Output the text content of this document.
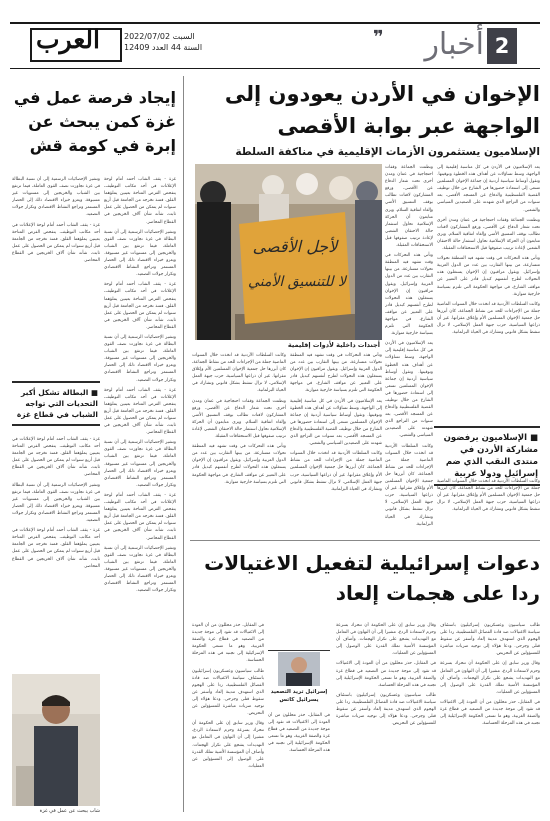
العرب	السبت 2022/07/02
السنة 44 العدد 12409	❞	أخبار 2
الإخوان في الأردن يعودون إلى الواجهة عبر بوابة الأقصى
الإسلاميون يستثمرون الأزمات الإقليمية في مناكفة السلطة
لأجل الأقصى
لا للتنسيق الأمني
أجندات داخلية لأدوات إقليمية

يعد الإسلاميون في الأردن في كل مناسبة إقليمية إلى الواجهة، وسط تساؤلات عن أهداف هذه الخطوة وتوقيتها. وتقول أوساط سياسية أردنية إن جماعة الإخوان المسلمين تسعى إلى استعادة حضورها في الشارع من خلال توظيف القضية الفلسطينية والدفاع عن المسجد الأقصى، بعد سنوات من التراجع الذي شهدته على الصعيدين السياسي والشعبي.

ونظمت الجماعة وقفات احتجاجية في عمان ومدن أخرى تحت شعار الدفاع عن الأقصى، ورفع المشاركون لافتات تطالب بوقف التنسيق الأمني وإلغاء اتفاقية السلام. ويرى متابعون أن الحركة الإسلامية تحاول استثمار حالة الاحتقان الشعبي لإعادة ترتيب صفوفها قبل الاستحقاقات المقبلة.

وتأتي هذه التحركات في وقت تشهد فيه المنطقة تحولات متسارعة، من بينها التقارب بين عدد من الدول العربية وإسرائيل. ويقول مراقبون إن الإخوان يستغلون هذه التحولات لطرح أنفسهم كبديل قادر على التعبير عن مواقف الشارع، في مواجهة الحكومة التي تلتزم بسياسة خارجية متوازنة.

وكانت السلطات الأردنية قد اتخذت خلال السنوات الماضية جملة من الإجراءات للحد من نشاط الجماعة، كان أبرزها حل جمعية الإخوان المسلمين الأم وإغلاق مقراتها. غير أن ذراعها السياسية، حزب جبهة العمل الإسلامي، لا تزال تنشط بشكل قانوني وتشارك في الحياة البرلمانية.

■ الإسلاميون يرفضون مشاركة الأردن في منتدى النقب الذي ضم إسرائيل ودولا عربية

وكانت السلطات الأردنية قد اتخذت خلال السنوات الماضية جملة من الإجراءات للحد من نشاط الجماعة، كان أبرزها حل جمعية الإخوان المسلمين الأم وإغلاق مقراتها. غير أن ذراعها السياسية، حزب جبهة العمل الإسلامي، لا تزال تنشط بشكل قانوني وتشارك في الحياة البرلمانية.

ونظمت الجماعة وقفات احتجاجية في عمان ومدن أخرى تحت شعار الدفاع عن الأقصى، ورفع المشاركون لافتات تطالب بوقف التنسيق الأمني وإلغاء اتفاقية السلام. ويرى متابعون أن الحركة الإسلامية تحاول استثمار حالة الاحتقان الشعبي لإعادة ترتيب صفوفها قبل الاستحقاقات المقبلة.

وتأتي هذه التحركات في وقت تشهد فيه المنطقة تحولات متسارعة، من بينها التقارب بين عدد من الدول العربية وإسرائيل. ويقول مراقبون إن الإخوان يستغلون هذه التحولات لطرح أنفسهم كبديل قادر على التعبير عن مواقف الشارع، في مواجهة الحكومة التي تلتزم بسياسة خارجية متوازنة.

يعد الإسلاميون في الأردن في كل مناسبة إقليمية إلى الواجهة، وسط تساؤلات عن أهداف هذه الخطوة وتوقيتها. وتقول أوساط سياسية أردنية إن جماعة الإخوان المسلمين تسعى إلى استعادة حضورها في الشارع من خلال توظيف القضية الفلسطينية والدفاع عن المسجد الأقصى، بعد سنوات من التراجع الذي شهدته على الصعيدين السياسي والشعبي.

وكانت السلطات الأردنية قد اتخذت خلال السنوات الماضية جملة من الإجراءات للحد من نشاط الجماعة، كان أبرزها حل جمعية الإخوان المسلمين الأم وإغلاق مقراتها. غير أن ذراعها السياسية، حزب جبهة العمل الإسلامي، لا تزال تنشط بشكل قانوني وتشارك في الحياة البرلمانية.

وتأتي هذه التحركات في وقت تشهد فيه المنطقة تحولات متسارعة، من بينها التقارب بين عدد من الدول العربية وإسرائيل. ويقول مراقبون إن الإخوان يستغلون هذه التحولات لطرح أنفسهم كبديل قادر على التعبير عن مواقف الشارع، في مواجهة الحكومة التي تلتزم بسياسة خارجية متوازنة.

يعد الإسلاميون في الأردن في كل مناسبة إقليمية إلى الواجهة، وسط تساؤلات عن أهداف هذه الخطوة وتوقيتها. وتقول أوساط سياسية أردنية إن جماعة الإخوان المسلمين تسعى إلى استعادة حضورها في الشارع من خلال توظيف القضية الفلسطينية والدفاع عن المسجد الأقصى، بعد سنوات من التراجع الذي شهدته على الصعيدين السياسي والشعبي.

وكانت السلطات الأردنية قد اتخذت خلال السنوات الماضية جملة من الإجراءات للحد من نشاط الجماعة، كان أبرزها حل جمعية الإخوان المسلمين الأم وإغلاق مقراتها. غير أن ذراعها السياسية، حزب جبهة العمل الإسلامي، لا تزال تنشط بشكل قانوني وتشارك في الحياة البرلمانية.

وكانت السلطات الأردنية قد اتخذت خلال السنوات الماضية جملة من الإجراءات للحد من نشاط الجماعة، كان أبرزها حل جمعية الإخوان المسلمين الأم وإغلاق مقراتها. غير أن ذراعها السياسية، حزب جبهة العمل الإسلامي، لا تزال تنشط بشكل قانوني وتشارك في الحياة البرلمانية.

ونظمت الجماعة وقفات احتجاجية في عمان ومدن أخرى تحت شعار الدفاع عن الأقصى، ورفع المشاركون لافتات تطالب بوقف التنسيق الأمني وإلغاء اتفاقية السلام. ويرى متابعون أن الحركة الإسلامية تحاول استثمار حالة الاحتقان الشعبي لإعادة ترتيب صفوفها قبل الاستحقاقات المقبلة.

وتأتي هذه التحركات في وقت تشهد فيه المنطقة تحولات متسارعة، من بينها التقارب بين عدد من الدول العربية وإسرائيل. ويقول مراقبون إن الإخوان يستغلون هذه التحولات لطرح أنفسهم كبديل قادر على التعبير عن مواقف الشارع، في مواجهة الحكومة التي تلتزم بسياسة خارجية متوازنة.

دعوات إسرائيلية لتفعيل الاغتيالات ردا على هجمات إلعاد

طالب سياسيون وعسكريون إسرائيليون باستئناف سياسة الاغتيالات ضد قادة الفصائل الفلسطينية، ردا على الهجوم الذي استهدف مدينة إلعاد وأسفر عن سقوط قتلى وجرحى. ودعا هؤلاء إلى توجيه ضربات مباشرة للمسؤولين عن التحريض.

وقال وزير سابق إن على الحكومة أن تتحرك بسرعة وحزم لاستعادة الردع، مشيرا إلى أن التهاون في التعامل مع التهديدات يشجع على تكرار الهجمات. وأضاف أن المؤسسة الأمنية تملك القدرة على الوصول إلى المسؤولين عن العمليات.

في المقابل، حذر محللون من أن العودة إلى الاغتيالات قد تقود إلى موجة جديدة من التصعيد في قطاع غزة والضفة الغربية، وهو ما تسعى الحكومة الإسرائيلية إلى تجنبه في هذه المرحلة الحساسة.

وقال وزير سابق إن على الحكومة أن تتحرك بسرعة وحزم لاستعادة الردع، مشيرا إلى أن التهاون في التعامل مع التهديدات يشجع على تكرار الهجمات. وأضاف أن المؤسسة الأمنية تملك القدرة على الوصول إلى المسؤولين عن العمليات.

في المقابل، حذر محللون من أن العودة إلى الاغتيالات قد تقود إلى موجة جديدة من التصعيد في قطاع غزة والضفة الغربية، وهو ما تسعى الحكومة الإسرائيلية إلى تجنبه في هذه المرحلة الحساسة.

طالب سياسيون وعسكريون إسرائيليون باستئناف سياسة الاغتيالات ضد قادة الفصائل الفلسطينية، ردا على الهجوم الذي استهدف مدينة إلعاد وأسفر عن سقوط قتلى وجرحى. ودعا هؤلاء إلى توجيه ضربات مباشرة للمسؤولين عن التحريض.

إسرائيل تريد التصعيد
يسرائيل كاتس

في المقابل، حذر محللون من أن العودة إلى الاغتيالات قد تقود إلى موجة جديدة من التصعيد في قطاع غزة والضفة الغربية، وهو ما تسعى الحكومة الإسرائيلية إلى تجنبه في هذه المرحلة الحساسة.

في المقابل، حذر محللون من أن العودة إلى الاغتيالات قد تقود إلى موجة جديدة من التصعيد في قطاع غزة والضفة الغربية، وهو ما تسعى الحكومة الإسرائيلية إلى تجنبه في هذه المرحلة الحساسة.

طالب سياسيون وعسكريون إسرائيليون باستئناف سياسة الاغتيالات ضد قادة الفصائل الفلسطينية، ردا على الهجوم الذي استهدف مدينة إلعاد وأسفر عن سقوط قتلى وجرحى. ودعا هؤلاء إلى توجيه ضربات مباشرة للمسؤولين عن التحريض.

وقال وزير سابق إن على الحكومة أن تتحرك بسرعة وحزم لاستعادة الردع، مشيرا إلى أن التهاون في التعامل مع التهديدات يشجع على تكرار الهجمات. وأضاف أن المؤسسة الأمنية تملك القدرة على الوصول إلى المسؤولين عن العمليات.

إيجاد فرصة عمل في غزة كمن يبحث عن إبرة في كومة قش

غزة - يقف الشاب أحمد أمام لوحة الإعلانات في أحد مكاتب التوظيف، يتفحص الفرص المتاحة بعينين يملؤهما القلق. فمنذ تخرجه من الجامعة قبل أربع سنوات لم يتمكن من الحصول على عمل ثابت، شأنه شأن آلاف الخريجين في القطاع المحاصر.

وتشير الإحصائيات الرسمية إلى أن نسبة البطالة في غزة تجاوزت نصف القوى العاملة، فيما ترتفع بين الشباب والخريجين إلى مستويات غير مسبوقة. ويعزو خبراء الاقتصاد ذلك إلى الحصار المستمر وتراجع النشاط الاقتصادي وتكرار جولات التصعيد.

غزة - يقف الشاب أحمد أمام لوحة الإعلانات في أحد مكاتب التوظيف، يتفحص الفرص المتاحة بعينين يملؤهما القلق. فمنذ تخرجه من الجامعة قبل أربع سنوات لم يتمكن من الحصول على عمل ثابت، شأنه شأن آلاف الخريجين في القطاع المحاصر.

وتشير الإحصائيات الرسمية إلى أن نسبة البطالة في غزة تجاوزت نصف القوى العاملة، فيما ترتفع بين الشباب والخريجين إلى مستويات غير مسبوقة. ويعزو خبراء الاقتصاد ذلك إلى الحصار المستمر وتراجع النشاط الاقتصادي وتكرار جولات التصعيد.

غزة - يقف الشاب أحمد أمام لوحة الإعلانات في أحد مكاتب التوظيف، يتفحص الفرص المتاحة بعينين يملؤهما القلق. فمنذ تخرجه من الجامعة قبل أربع سنوات لم يتمكن من الحصول على عمل ثابت، شأنه شأن آلاف الخريجين في القطاع المحاصر.

وتشير الإحصائيات الرسمية إلى أن نسبة البطالة في غزة تجاوزت نصف القوى العاملة، فيما ترتفع بين الشباب والخريجين إلى مستويات غير مسبوقة. ويعزو خبراء الاقتصاد ذلك إلى الحصار المستمر وتراجع النشاط الاقتصادي وتكرار جولات التصعيد.

غزة - يقف الشاب أحمد أمام لوحة الإعلانات في أحد مكاتب التوظيف، يتفحص الفرص المتاحة بعينين يملؤهما القلق. فمنذ تخرجه من الجامعة قبل أربع سنوات لم يتمكن من الحصول على عمل ثابت، شأنه شأن آلاف الخريجين في القطاع المحاصر.

وتشير الإحصائيات الرسمية إلى أن نسبة البطالة في غزة تجاوزت نصف القوى العاملة، فيما ترتفع بين الشباب والخريجين إلى مستويات غير مسبوقة. ويعزو خبراء الاقتصاد ذلك إلى الحصار المستمر وتراجع النشاط الاقتصادي وتكرار جولات التصعيد.

وتشير الإحصائيات الرسمية إلى أن نسبة البطالة في غزة تجاوزت نصف القوى العاملة، فيما ترتفع بين الشباب والخريجين إلى مستويات غير مسبوقة. ويعزو خبراء الاقتصاد ذلك إلى الحصار المستمر وتراجع النشاط الاقتصادي وتكرار جولات التصعيد.

غزة - يقف الشاب أحمد أمام لوحة الإعلانات في أحد مكاتب التوظيف، يتفحص الفرص المتاحة بعينين يملؤهما القلق. فمنذ تخرجه من الجامعة قبل أربع سنوات لم يتمكن من الحصول على عمل ثابت، شأنه شأن آلاف الخريجين في القطاع المحاصر.

■ البطالة تشكل أكبر التحديات التي تواجه الشباب في قطاع غزة

غزة - يقف الشاب أحمد أمام لوحة الإعلانات في أحد مكاتب التوظيف، يتفحص الفرص المتاحة بعينين يملؤهما القلق. فمنذ تخرجه من الجامعة قبل أربع سنوات لم يتمكن من الحصول على عمل ثابت، شأنه شأن آلاف الخريجين في القطاع المحاصر.

وتشير الإحصائيات الرسمية إلى أن نسبة البطالة في غزة تجاوزت نصف القوى العاملة، فيما ترتفع بين الشباب والخريجين إلى مستويات غير مسبوقة. ويعزو خبراء الاقتصاد ذلك إلى الحصار المستمر وتراجع النشاط الاقتصادي وتكرار جولات التصعيد.

غزة - يقف الشاب أحمد أمام لوحة الإعلانات في أحد مكاتب التوظيف، يتفحص الفرص المتاحة بعينين يملؤهما القلق. فمنذ تخرجه من الجامعة قبل أربع سنوات لم يتمكن من الحصول على عمل ثابت، شأنه شأن آلاف الخريجين في القطاع المحاصر.

شاب يبحث عن عمل في غزة
